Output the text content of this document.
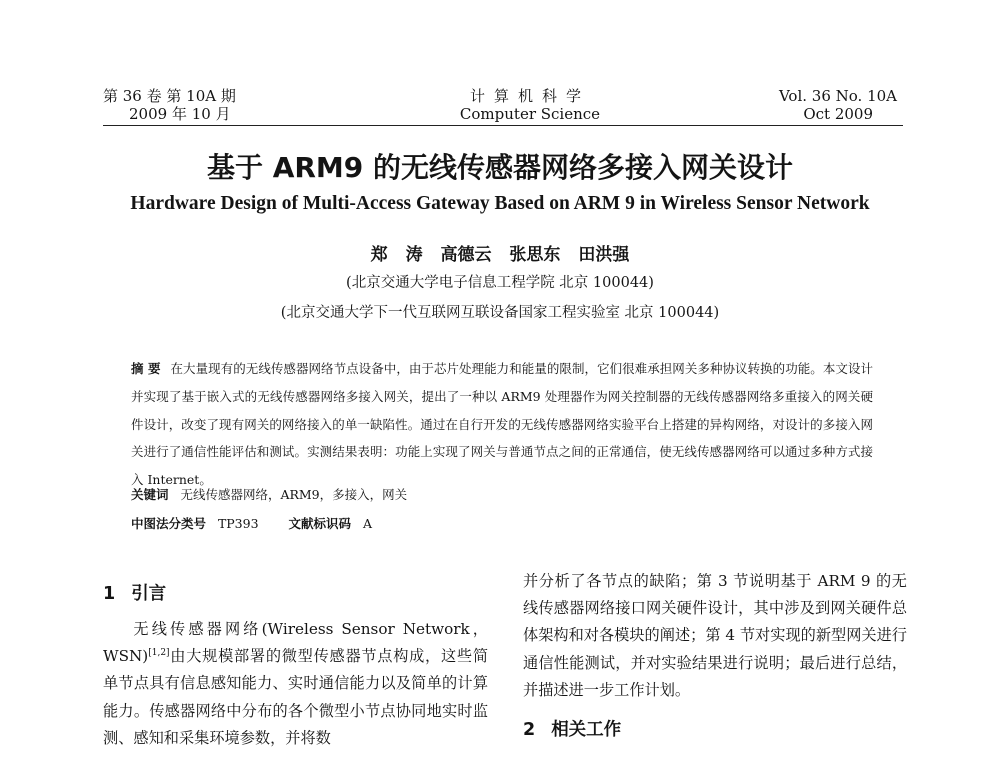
第 36 卷 第 10A 期
2009 年 10 月
计算机科学
Computer Science
Vol. 36 No. 10A
Oct 2009
基于 ARM9 的无线传感器网络多接入网关设计
Hardware Design of Multi-Access Gateway Based on ARM 9 in Wireless Sensor Network
郑 涛 高德云 张思东 田洪强
(北京交通大学电子信息工程学院 北京 100044)
(北京交通大学下一代互联网互联设备国家工程实验室 北京 100044)
摘 要 在大量现有的无线传感器网络节点设备中，由于芯片处理能力和能量的限制，它们很难承担网关多种协议转换的功能。本文设计并实现了基于嵌入式的无线传感器网络多接入网关，提出了一种以 ARM9 处理器作为网关控制器的无线传感器网络多重接入的网关硬件设计，改变了现有网关的网络接入的单一缺陷性。通过在自行开发的无线传感器网络实验平台上搭建的异构网络，对设计的多接入网关进行了通信性能评估和测试。实测结果表明：功能上实现了网关与普通节点之间的正常通信，使无线传感器网络可以通过多种方式接入 Internet。
关键词 无线传感器网络，ARM9，多接入，网关
中图法分类号 TP393 文献标识码 A
1 引言
无线传感器网络(Wireless Sensor Network，WSN)[1,2]由大规模部署的微型传感器节点构成，这些简单节点具有信息感知能力、实时通信能力以及简单的计算能力。传感器网络中分布的各个微型小节点协同地实时监测、感知和采集环境参数，并将数
并分析了各节点的缺陷；第 3 节说明基于 ARM 9 的无线传感器网络接口网关硬件设计，其中涉及到网关硬件总体架构和对各模块的阐述；第 4 节对实现的新型网关进行通信性能测试，并对实验结果进行说明；最后进行总结，并描述进一步工作计划。
2 相关工作
